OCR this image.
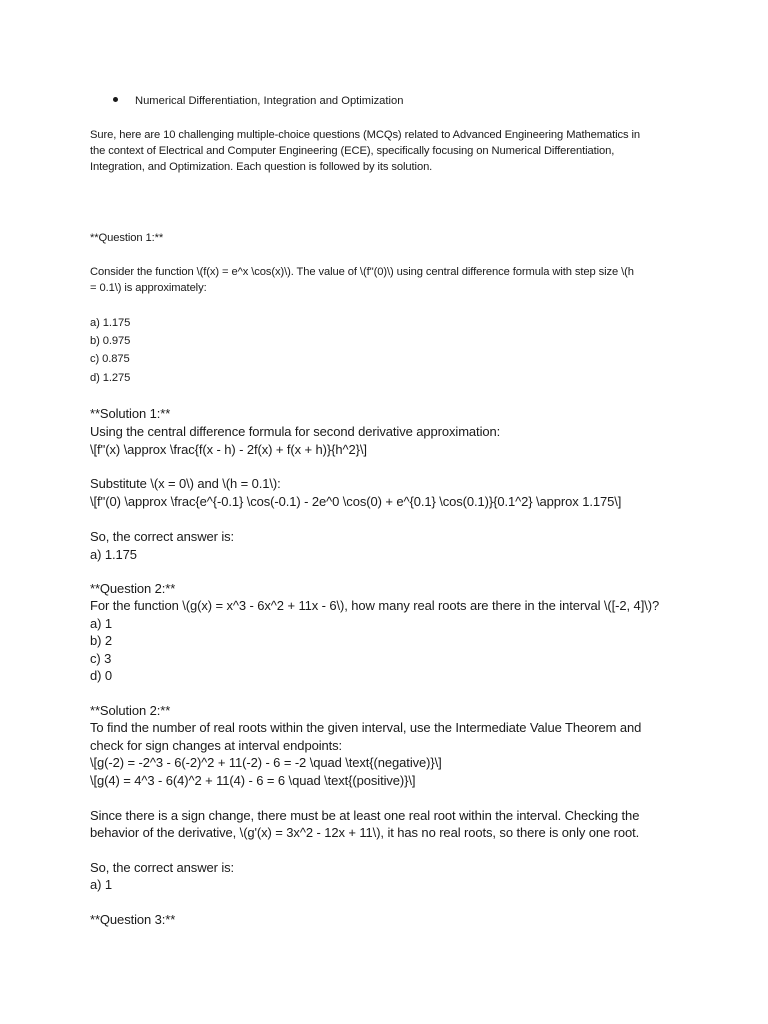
Numerical Differentiation, Integration and Optimization
Sure, here are 10 challenging multiple-choice questions (MCQs) related to Advanced Engineering Mathematics in
the context of Electrical and Computer Engineering (ECE), specifically focusing on Numerical Differentiation,
Integration, and Optimization. Each question is followed by its solution.
**Question 1:**
Consider the function \(f(x) = e^x \cos(x)\). The value of \(f''(0)\) using central difference formula with step size \(h
= 0.1\) is approximately:
a) 1.175
b) 0.975
c) 0.875
d) 1.275
**Solution 1:**
Using the central difference formula for second derivative approximation:
\[f''(x) \approx \frac{f(x - h) - 2f(x) + f(x + h)}{h^2}\]
Substitute \(x = 0\) and \(h = 0.1\):
\[f''(0) \approx \frac{e^{-0.1} \cos(-0.1) - 2e^0 \cos(0) + e^{0.1} \cos(0.1)}{0.1^2} \approx 1.175\]
So, the correct answer is:
a) 1.175
**Question 2:**
For the function \(g(x) = x^3 - 6x^2 + 11x - 6\), how many real roots are there in the interval \([-2, 4]\)?
a) 1
b) 2
c) 3
d) 0
**Solution 2:**
To find the number of real roots within the given interval, use the Intermediate Value Theorem and
check for sign changes at interval endpoints:
\[g(-2) = -2^3 - 6(-2)^2 + 11(-2) - 6 = -2 \quad \text{(negative)}\]
\[g(4) = 4^3 - 6(4)^2 + 11(4) - 6 = 6 \quad \text{(positive)}\]
Since there is a sign change, there must be at least one real root within the interval. Checking the
behavior of the derivative, \(g'(x) = 3x^2 - 12x + 11\), it has no real roots, so there is only one root.
So, the correct answer is:
a) 1
**Question 3:**
